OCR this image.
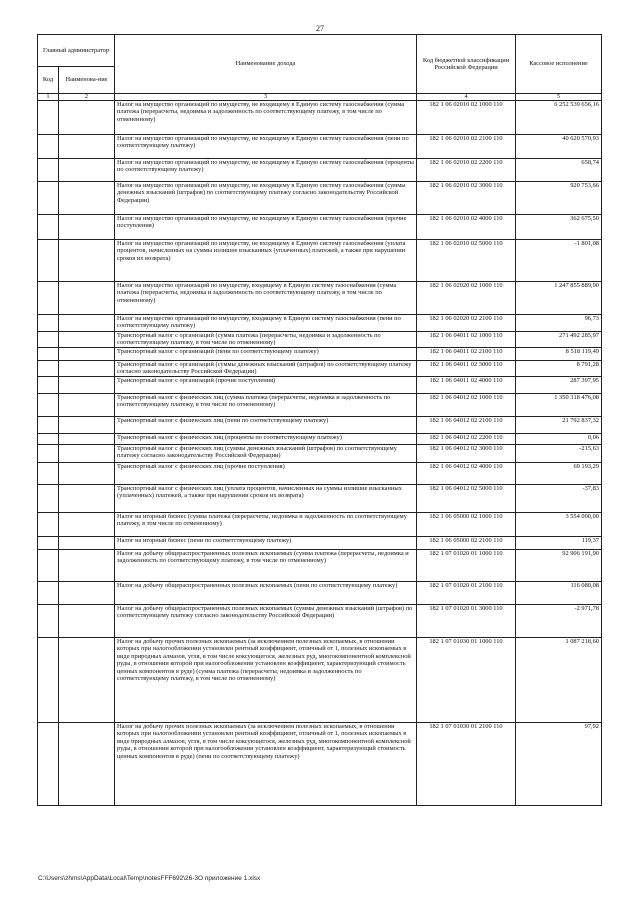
27
Главный администратор		Наименование дохода	Код бюджетной классификации Российской Федерации	Кассовое исполнение
Код	Наименова-ние			
1	2	3	4	5
		Налог на имущество организаций по имуществу, не входящему в Единую систему газоснабжения (сумма платежа (перерасчеты, недоимка и задолженность по соответствующему платежу, в том числе по отмененному)	182 1 06 02010 02 1000 110	6 252 539 656,16
		Налог на имущество организаций по имуществу, не входящему в Единую систему газоснабжения (пени по соответствующему платежу)	182 1 06 02010 02 2100 110	40 620 570,93
		Налог на имущество организаций по имуществу, не входящему в Единую систему газоснабжения (проценты по соответствующему платежу)	182 1 06 02010 02 2200 110	658,74
		Налог на имущество организаций по имуществу, не входящему в Единую систему газоснабжения (суммы денежных взысканий (штрафов) по соответствующему платежу согласно законодательству Российской Федерации)	182 1 06 02010 02 3000 110	920 753,66
		Налог на имущество организаций по имуществу, не входящему в Единую систему газоснабжения (прочие поступления)	182 1 06 02010 02 4000 110	362 675,50
		Налог на имущество организаций по имуществу, не входящему в Единую систему газоснабжения (уплата процентов, начисленных на суммы излишне взысканных (уплаченных) платежей, а также при нарушении сроков их возврата)	182 1 06 02010 02 5000 110	-1 801,08
		Налог на имущество организаций по имуществу, входящему в Единую систему газоснабжения (сумма платежа (перерасчеты, недоимка и задолженность по соответствующему платежу, в том числе по отмененному)	182 1 06 02020 02 1000 110	1 247 855 889,90
		Налог на имущество организаций по имуществу, входящему в Единую систему газоснабжения (пени по соответствующему платежу)	182 1 06 02020 02 2100 110	96,73
		Транспортный налог с организаций (сумма платежа (перерасчеты, недоимка и задолженность по соответствующему платежу, в том числе по отмененному)	182 1 06 04011 02 1000 110	271 492 285,97
		Транспортный налог с организаций (пени по соответствующему платежу)	182 1 06 04011 02 2100 110	8 518 119,49
		Транспортный налог с организаций (суммы денежных взысканий (штрафов) по соответствующему платежу согласно законодательству Российской Федерации)	182 1 06 04011 02 3000 110	8 791,28
		Транспортный налог с организаций (прочие поступления)	182 1 06 04011 02 4000 110	287 397,95
		Транспортный налог с физических лиц (сумма платежа (перерасчеты, недоимка и задолженность по соответствующему платежу, в том числе по отмененному)	182 1 06 04012 02 1000 110	1 350 318 476,08
		Транспортный налог с физических лиц (пени по соответствующему платежу)	182 1 06 04012 02 2100 110	21 792 837,32
		Транспортный налог с физических лиц (проценты по соответствующему платежу)	182 1 06 04012 02 2200 110	0,06
		Транспортный налог с физических лиц (суммы денежных взысканий (штрафов) по соответствующему платежу согласно законодательству Российской Федерации)	182 1 06 04012 02 3000 110	-215,63
		Транспортный налог с физических лиц (прочие поступления)	182 1 06 04012 02 4000 110	69 193,29
		Транспортный налог с физических лиц (уплата процентов, начисленных на суммы излишне взысканных (уплаченных) платежей, а также при нарушении сроков их возврата)	182 1 06 04012 02 5000 110	-37,83
		Налог на игорный бизнес (сумма платежа (перерасчеты, недоимка и задолженность по соответствующему платежу, в том числе по отмененному)	182 1 06 05000 02 1000 110	3 554 000,00
		Налог на игорный бизнес (пени по соответствующему платежу)	182 1 06 05000 02 2100 110	119,37
		Налог на добычу общераспространенных полезных ископаемых (сумма платежа (перерасчеты, недоимка и задолженность по соответствующему платежу, в том числе по отмененному)	182 1 07 01020 01 1000 110	92 906 191,90
		Налог на добычу общераспространенных полезных ископаемых (пени по соответствующему платежу)	182 1 07 01020 01 2100 110	116 080,08
		Налог на добычу общераспространенных полезных ископаемых (суммы денежных взысканий (штрафов) по соответствующему платежу согласно законодательству Российской Федерации)	182 1 07 01020 01 3000 110	-2 971,78
		Налог на добычу прочих полезных ископаемых (за исключением полезных ископаемых, в отношении которых при налогообложении установлен рентный коэффициент, отличный от 1, полезных ископаемых в виде природных алмазов, угля, в том числе коксующегося, железных руд, многокомпонентной комплексной руды, в отношении которой при налогообложении установлен коэффициент, характеризующий стоимость ценных компонентов в руде) (сумма платежа (перерасчеты, недоимка и задолженность по соответствующему платежу, в том числе по отмененному)	182 1 07 01030 01 1000 110	1 087 218,60
		Налог на добычу прочих полезных ископаемых (за исключением полезных ископаемых, в отношении которых при налогообложении установлен рентный коэффициент, отличный от 1, полезных ископаемых в виде природных алмазов, угля, в том числе коксующегося, железных руд, многокомпонентной комплексной руды, в отношении которой при налогообложении установлен коэффициент, характеризующий стоимость ценных компонентов в руде) (пени по соответствующему платежу)	182 1 07 01030 01 2100 110	97,92
C:\Users\zhms\AppData\Local\Temp\notesFFF692\26-3O приложение 1.xlsx
